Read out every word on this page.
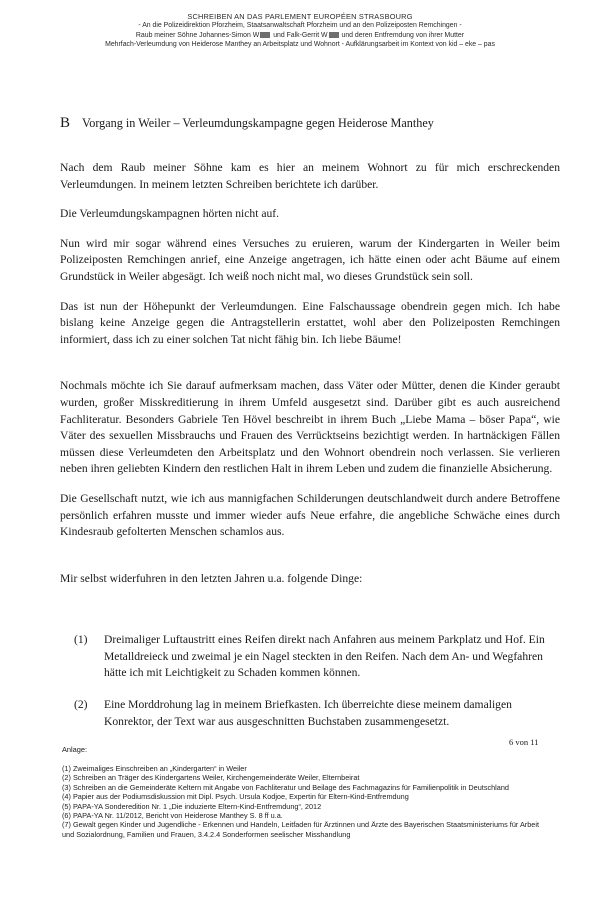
SCHREIBEN AN DAS PARLEMENT EUROPÉEN STRASBOURG
- An die Polizeidirektion Pforzheim, Staatsanwaltschaft Pforzheim und an den Polizeiposten Remchingen -
Raub meiner Söhne Johannes-Simon W und Falk-Gerrit W und deren Entfremdung von ihrer Mutter
Mehrfach-Verleumdung von Heiderose Manthey an Arbeitsplatz und Wohnort - Aufklärungsarbeit im Kontext von kid – eke – pas
B Vorgang in Weiler – Verleumdungskampagne gegen Heiderose Manthey

Nach dem Raub meiner Söhne kam es hier an meinem Wohnort zu für mich erschreckenden Verleumdungen. In meinem letzten Schreiben berichtete ich darüber.

Die Verleumdungskampagnen hörten nicht auf.

Nun wird mir sogar während eines Versuches zu eruieren, warum der Kindergarten in Weiler beim Polizeiposten Remchingen anrief, eine Anzeige angetragen, ich hätte einen oder acht Bäume auf einem Grundstück in Weiler abgesägt. Ich weiß noch nicht mal, wo dieses Grundstück sein soll.

Das ist nun der Höhepunkt der Verleumdungen. Eine Falschaussage obendrein gegen mich. Ich habe bislang keine Anzeige gegen die Antragstellerin erstattet, wohl aber den Polizeiposten Remchingen informiert, dass ich zu einer solchen Tat nicht fähig bin. Ich liebe Bäume!

Nochmals möchte ich Sie darauf aufmerksam machen, dass Väter oder Mütter, denen die Kinder geraubt wurden, großer Misskreditierung in ihrem Umfeld ausgesetzt sind. Darüber gibt es auch ausreichend Fachliteratur. Besonders Gabriele Ten Hövel beschreibt in ihrem Buch „Liebe Mama – böser Papa“, wie Väter des sexuellen Missbrauchs und Frauen des Verrücktseins bezichtigt werden. In hartnäckigen Fällen müssen diese Verleumdeten den Arbeitsplatz und den Wohnort obendrein noch verlassen. Sie verlieren neben ihren geliebten Kindern den restlichen Halt in ihrem Leben und zudem die finanzielle Absicherung.

Die Gesellschaft nutzt, wie ich aus mannigfachen Schilderungen deutschlandweit durch andere Betroffene persönlich erfahren musste und immer wieder aufs Neue erfahre, die angebliche Schwäche eines durch Kindesraub gefolterten Menschen schamlos aus.

Mir selbst widerfuhren in den letzten Jahren u.a. folgende Dinge:

(1) Dreimaliger Luftaustritt eines Reifen direkt nach Anfahren aus meinem Parkplatz und Hof. Ein Metalldreieck und zweimal je ein Nagel steckten in den Reifen. Nach dem An- und Wegfahren hätte ich mit Leichtigkeit zu Schaden kommen können.
(2) Eine Morddrohung lag in meinem Briefkasten. Ich überreichte diese meinem damaligen Konrektor, der Text war aus ausgeschnitten Buchstaben zusammengesetzt.
6 von 11
Anlage:

(1) Zweimaliges Einschreiben an „Kindergarten“ in Weiler

(2) Schreiben an Träger des Kindergartens Weiler, Kirchengemeinderäte Weiler, Elternbeirat

(3) Schreiben an die Gemeinderäte Keltern mit Angabe von Fachliteratur und Beilage des Fachmagazins für Familienpolitik in Deutschland

(4) Papier aus der Podiumsdiskussion mit Dipl. Psych. Ursula Kodjoe, Expertin für Eltern-Kind-Entfremdung

(5) PAPA-YA Sonderedition Nr. 1 „Die induzierte Eltern-Kind-Entfremdung“, 2012

(6) PAPA-YA Nr. 11/2012, Bericht von Heiderose Manthey S. 8 ff u.a.

(7) Gewalt gegen Kinder und Jugendliche - Erkennen und Handeln, Leitfaden für Ärztinnen und Ärzte des Bayerischen Staatsministeriums für Arbeit und Sozialordnung, Familien und Frauen, 3.4.2.4 Sonderformen seelischer Misshandlung
